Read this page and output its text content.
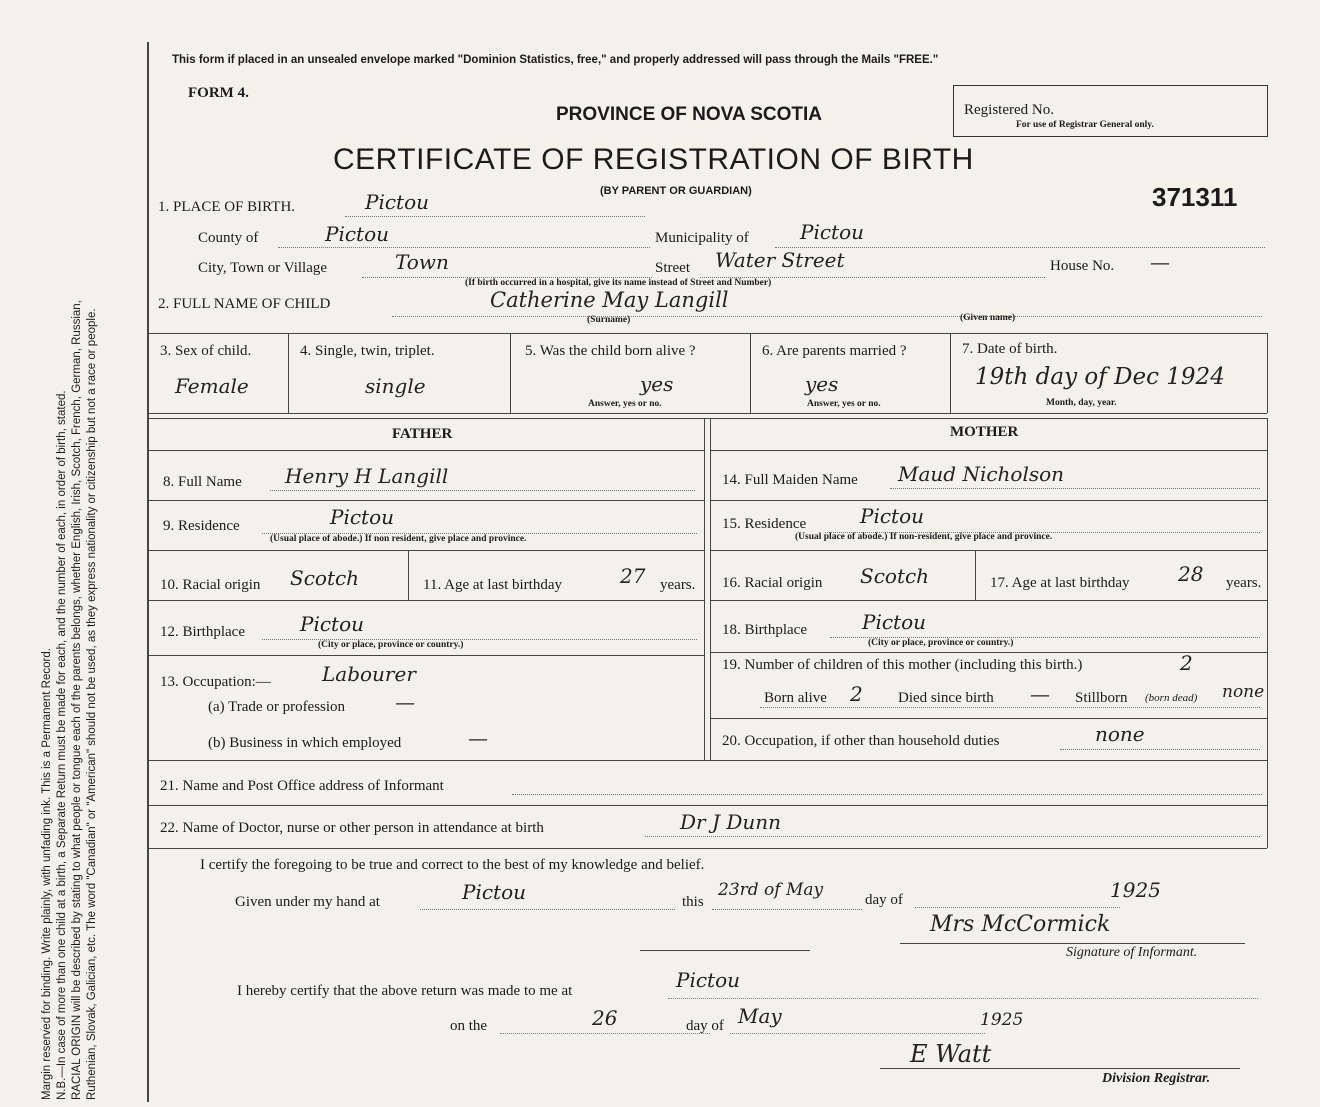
Margin reserved for binding. Write plainly, with unfading ink. This is a Permanent Record. N.B.—In case of more than one child at a birth, a Separate Return must be made for each, and the number of each, in order of birth, stated. RACIAL ORIGIN will be described by stating to what people or tongue each of the parents belongs, whether English, Irish, Scotch, French, German, Russian, Ruthenian, Slovak, Galician, etc. The word "Canadian" or "American" should not be used, as they express nationality or citizenship but not a race or people.
This form if placed in an unsealed envelope marked "Dominion Statistics, free," and properly addressed will pass through the Mails "FREE."
FORM 4.
PROVINCE OF NOVA SCOTIA
CERTIFICATE OF REGISTRATION OF BIRTH
(BY PARENT OR GUARDIAN)
Registered No.
For use of Registrar General only.
371311
1. PLACE OF BIRTH.	Pictou
County of	Pictou	Municipality of	Pictou
City, Town or Village	Town	Street Water Street	House No. —
(If birth occurred in a hospital, give its name instead of Street and Number)
2. FULL NAME OF CHILD	Catherine May Langill
(Surname)	(Given name)
3. Sex of child.
Female
4. Single, twin, triplet.
single
5. Was the child born alive ?
yes
Answer, yes or no.
6. Are parents married ?
yes
Answer, yes or no.
7. Date of birth.
19th day of Dec 1924
Month, day, year.
FATHER	MOTHER
8. Full Name Henry H Langill
9. Residence	Pictou
(Usual place of abode.) If non resident, give place and province.
10. Racial origin Scotch	11. Age at last birthday	27 years.
12. Birthplace	Pictou
(City or place, province or country.)
13. Occupation:—	Labourer
(a) Trade or profession —
(b) Business in which employed	—
14. Full Maiden Name Maud Nicholson
15. Residence	Pictou
(Usual place of abode.) If non-resident, give place and province.
16. Racial origin Scotch	17. Age at last birthday 28 years.
18. Birthplace	Pictou
(City or place, province or country.)
19. Number of children of this mother (including this birth.)	2
Born alive 2 Died since birth — Stillborn (born dead) none
20. Occupation, if other than household duties	none
21. Name and Post Office address of Informant
22. Name of Doctor, nurse or other person in attendance at birth	Dr J Dunn
I certify the foregoing to be true and correct to the best of my knowledge and belief.
Given under my hand at	Pictou	this
23rd of May	day of	1925
Mrs McCormick
Signature of Informant.
I hereby certify that the above return was made to me at	Pictou
on the	26	day of May	1925
E Watt
Division Registrar.
